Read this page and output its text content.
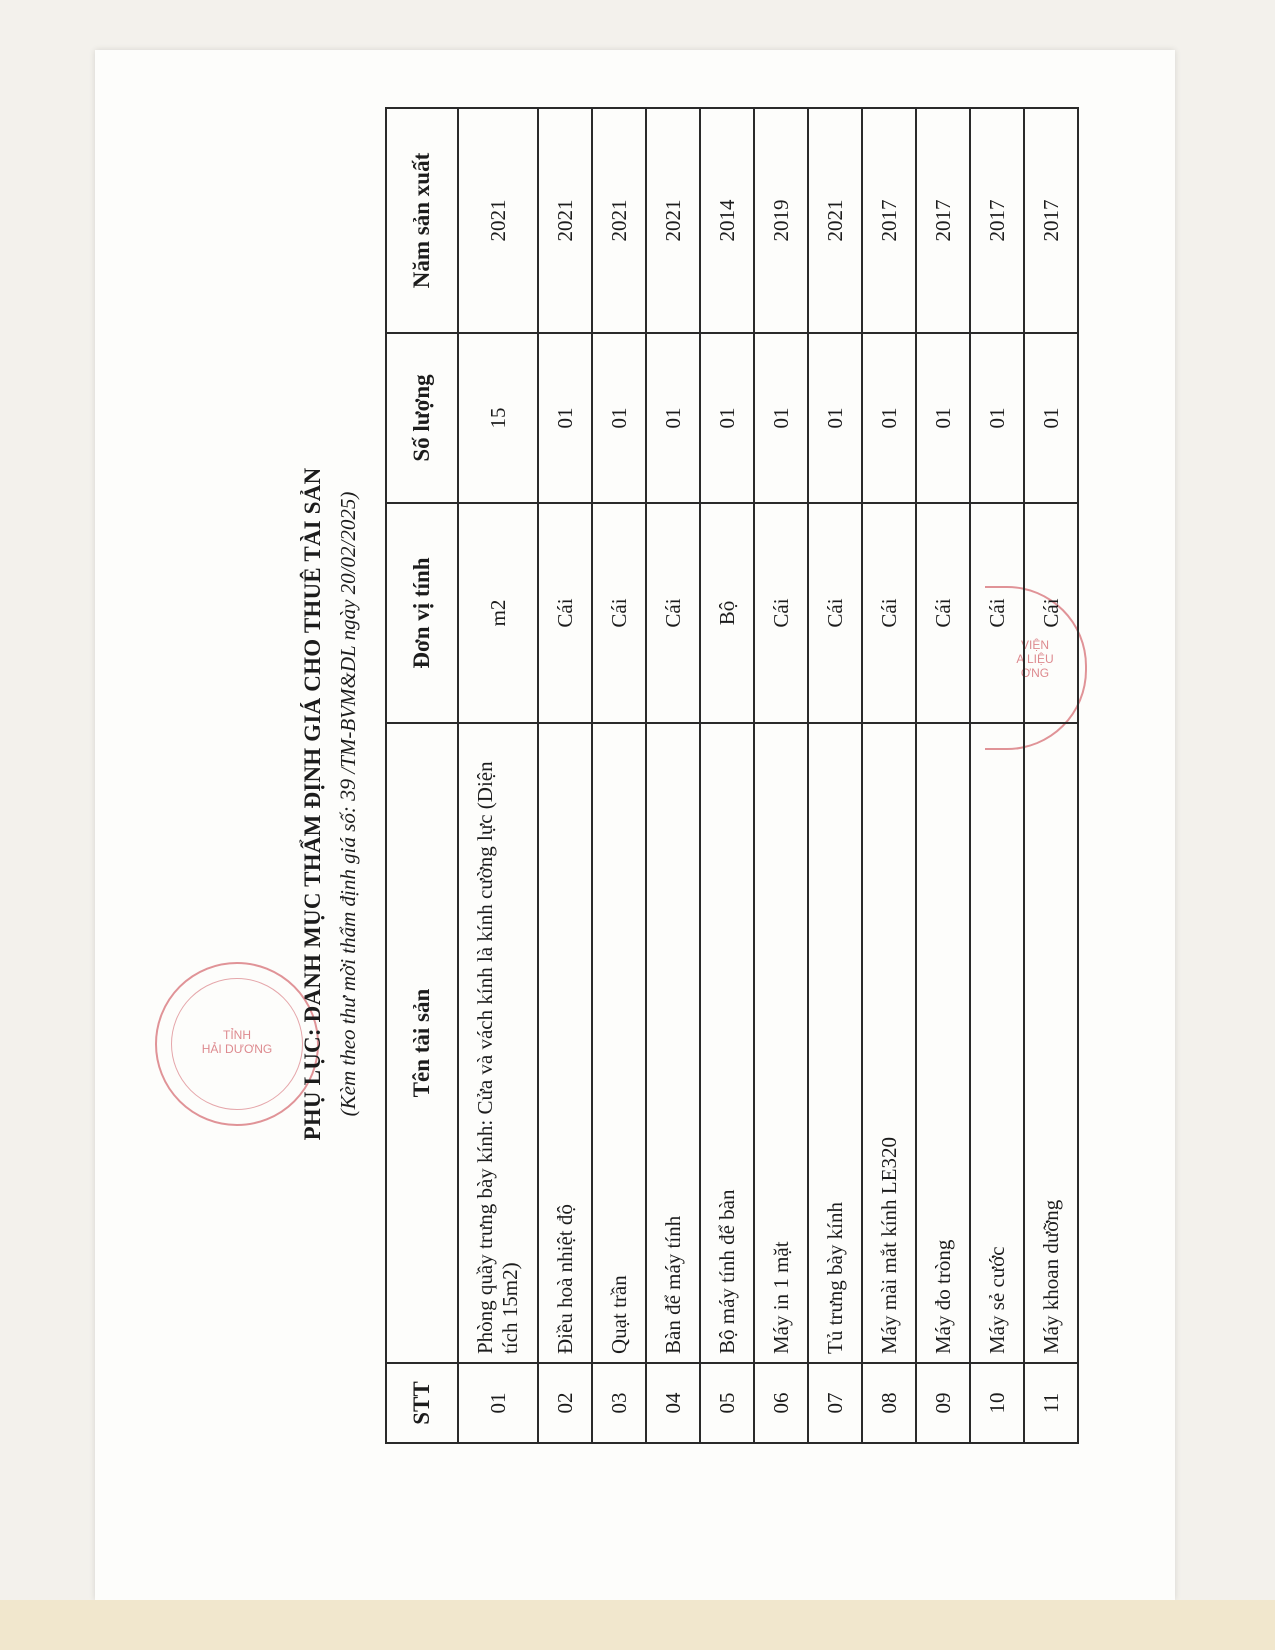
TỈNH
HẢI DƯƠNG
VIỆN
A LIỆU
ƠNG
PHỤ LỤC: DANH MỤC THẨM ĐỊNH GIÁ CHO THUÊ TÀI SẢN (Kèm theo thư mời thẩm định giá số: 39 /TM-BVM&DL ngày 20/02/2025)
STT	Tên tài sản	Đơn vị tính	Số lượng	Năm sản xuất
01	Phòng quầy trưng bày kính: Cửa và vách kính là kính cường lực (Diện tích 15m2)	m2	15	2021
02	Điều hoà nhiệt độ	Cái	01	2021
03	Quạt trần	Cái	01	2021
04	Bàn để máy tính	Cái	01	2021
05	Bộ máy tính để bàn	Bộ	01	2014
06	Máy in 1 mặt	Cái	01	2019
07	Tủ trưng bày kính	Cái	01	2021
08	Máy mài mắt kính LE320	Cái	01	2017
09	Máy đo tròng	Cái	01	2017
10	Máy sẻ cước	Cái	01	2017
11	Máy khoan dưỡng	Cái	01	2017
